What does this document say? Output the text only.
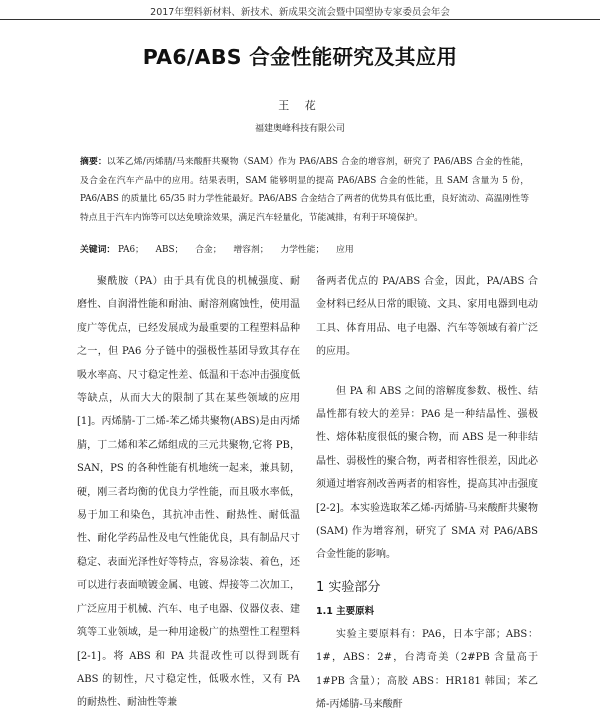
2017年塑料新材料、新技术、新成果交流会暨中国塑协专家委员会年会
PA6/ABS 合金性能研究及其应用
王 花
福建奥峰科技有限公司
摘要：以苯乙烯/丙烯腈/马来酸酐共聚物（SAM）作为 PA6/ABS 合金的增容剂，研究了 PA6/ABS 合金的性能，及合金在汽车产品中的应用。结果表明，SAM 能够明显的提高 PA6/ABS 合金的性能，且 SAM 含量为 5 份，PA6/ABS 的质量比 65/35 时力学性能最好。PA6/ABS 合金结合了两者的优势具有低比重，良好流动、高温刚性等特点且于汽车内饰等可以达免喷涂效果，满足汽车轻量化，节能减排，有利于环境保护。
关键词： PA6； ABS； 合金； 增容剂； 力学性能； 应用

聚酰胺（PA）由于具有优良的机械强度、耐磨性、自润滑性能和耐油、耐溶剂腐蚀性，使用温度广等优点，已经发展成为最重要的工程塑料品种之一，但 PA6 分子链中的强极性基团导致其存在吸水率高、尺寸稳定性差、低温和干态冲击强度低等缺点，从而大大的限制了其在某些领域的应用[1]。丙烯腈-丁二烯-苯乙烯共聚物(ABS)是由丙烯腈，丁二烯和苯乙烯组成的三元共聚物,它将 PB，SAN，PS 的各种性能有机地统一起来，兼具韧，硬，刚三者均衡的优良力学性能，而且吸水率低，易于加工和染色，其抗冲击性、耐热性、耐低温性、耐化学药品性及电气性能优良，具有制品尺寸稳定、表面光泽性好等特点，容易涂装、着色，还可以进行表面喷镀金属、电镀、焊接等二次加工，广泛应用于机械、汽车、电子电器、仪器仪表、建筑等工业领域，是一种用途极广的热塑性工程塑料[2-1]。将 ABS 和 PA 共混改性可以得到既有 ABS 的韧性，尺寸稳定性，低吸水性，又有 PA 的耐热性、耐油性等兼

备两者优点的 PA/ABS 合金，因此，PA/ABS 合金材料已经从日常的眼镜、文具、家用电器到电动工具、体育用品、电子电器、汽车等领域有着广泛的应用。

但 PA 和 ABS 之间的溶解度参数、极性、结晶性都有较大的差异：PA6 是一种结晶性、强极性、熔体粘度很低的聚合物，而 ABS 是一种非结晶性、弱极性的聚合物，两者相容性很差，因此必须通过增容剂改善两者的相容性，提高其冲击强度[2-2]。本实验选取苯乙烯-丙烯腈-马来酸酐共聚物 (SAM) 作为增容剂，研究了 SMA 对 PA6/ABS 合金性能的影响。

1 实验部分
1.1 主要原料

实验主要原料有：PA6，日本宇部；ABS：1#，ABS：2#，台湾奇美（2#PB 含量高于 1#PB 含量）；高胶 ABS：HR181 韩国；苯乙烯-丙烯腈-马来酸酐
